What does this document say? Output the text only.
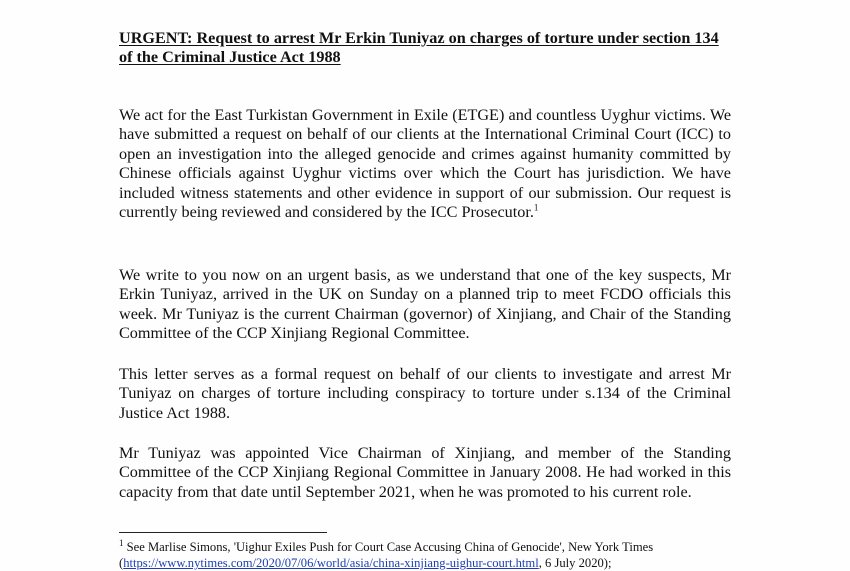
URGENT: Request to arrest Mr Erkin Tuniyaz on charges of torture under section 134 of the Criminal Justice Act 1988

We act for the East Turkistan Government in Exile (ETGE) and countless Uyghur victims. We have submitted a request on behalf of our clients at the International Criminal Court (ICC) to open an investigation into the alleged genocide and crimes against humanity committed by Chinese officials against Uyghur victims over which the Court has jurisdiction. We have included witness statements and other evidence in support of our submission. Our request is currently being reviewed and considered by the ICC Prosecutor.$^1$

We write to you now on an urgent basis, as we understand that one of the key suspects, Mr Erkin Tuniyaz, arrived in the UK on Sunday on a planned trip to meet FCDO officials this week. Mr Tuniyaz is the current Chairman (governor) of Xinjiang, and Chair of the Standing Committee of the CCP Xinjiang Regional Committee.

This letter serves as a formal request on behalf of our clients to investigate and arrest Mr Tuniyaz on charges of torture including conspiracy to torture under s.134 of the Criminal Justice Act 1988.

Mr Tuniyaz was appointed Vice Chairman of Xinjiang, and member of the Standing Committee of the CCP Xinjiang Regional Committee in January 2008. He had worked in this capacity from that date until September 2021, when he was promoted to his current role.

$^1$ See Marlise Simons, 'Uighur Exiles Push for Court Case Accusing China of Genocide', New York Times (https://www.nytimes.com/2020/07/06/world/asia/china-xinjiang-uighur-court.html, 6 July 2020);
